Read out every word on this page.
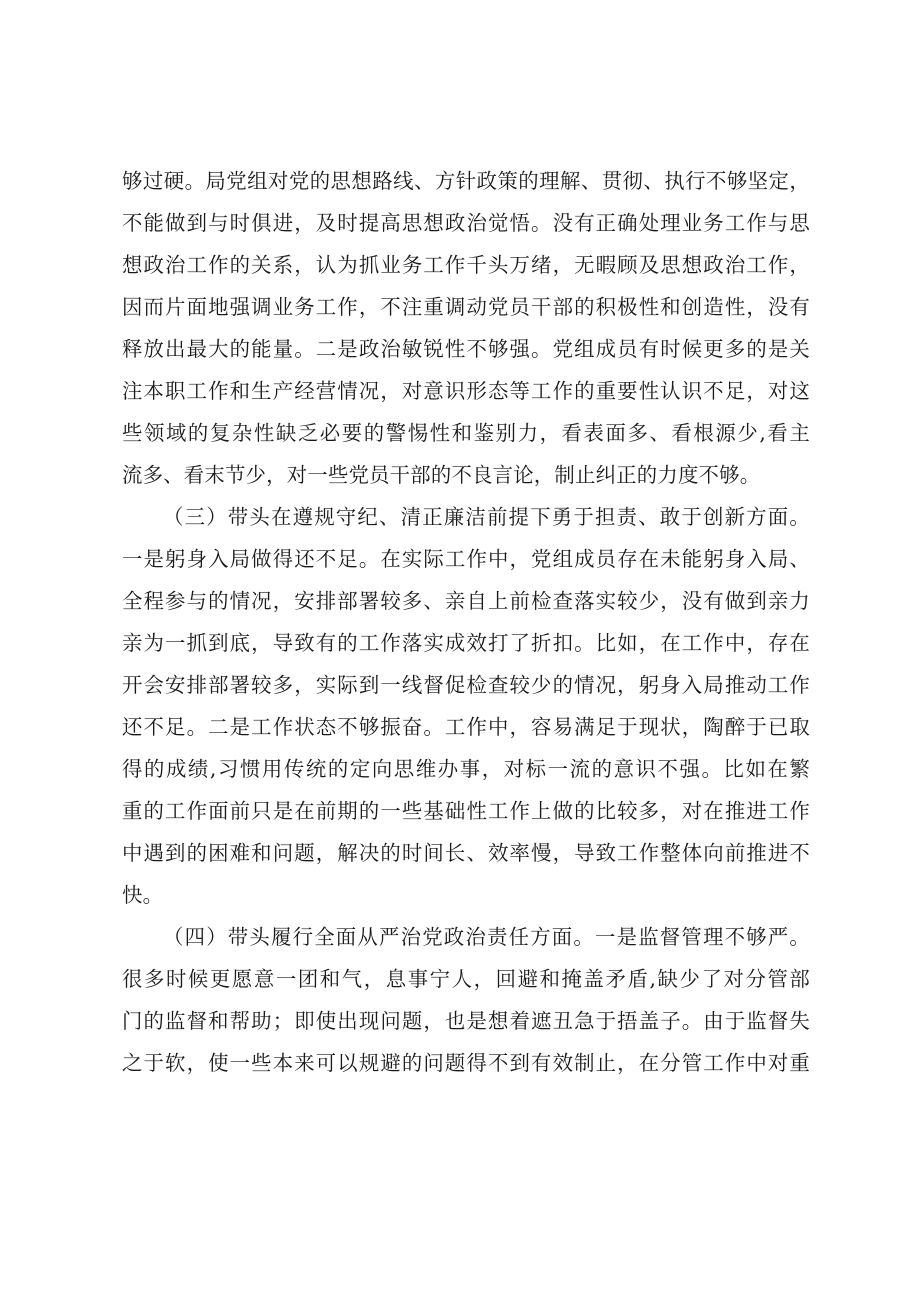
够过硬。局党组对党的思想路线、方针政策的理解、贯彻、执行不够坚定，
不能做到与时俱进，及时提高思想政治觉悟。没有正确处理业务工作与思
想政治工作的关系，认为抓业务工作千头万绪，无暇顾及思想政治工作，
因而片面地强调业务工作，不注重调动党员干部的积极性和创造性，没有
释放出最大的能量。二是政治敏锐性不够强。党组成员有时候更多的是关
注本职工作和生产经营情况，对意识形态等工作的重要性认识不足，对这
些领域的复杂性缺乏必要的警惕性和鉴别力，看表面多、看根源少,看主
流多、看末节少，对一些党员干部的不良言论，制止纠正的力度不够。
（三）带头在遵规守纪、清正廉洁前提下勇于担责、敢于创新方面。
一是躬身入局做得还不足。在实际工作中，党组成员存在未能躬身入局、
全程参与的情况，安排部署较多、亲自上前检查落实较少，没有做到亲力
亲为一抓到底，导致有的工作落实成效打了折扣。比如，在工作中，存在
开会安排部署较多，实际到一线督促检查较少的情况，躬身入局推动工作
还不足。二是工作状态不够振奋。工作中，容易满足于现状，陶醉于已取
得的成绩,习惯用传统的定向思维办事，对标一流的意识不强。比如在繁
重的工作面前只是在前期的一些基础性工作上做的比较多，对在推进工作
中遇到的困难和问题，解决的时间长、效率慢，导致工作整体向前推进不
快。
（四）带头履行全面从严治党政治责任方面。一是监督管理不够严。
很多时候更愿意一团和气，息事宁人，回避和掩盖矛盾,缺少了对分管部
门的监督和帮助；即使出现问题，也是想着遮丑急于捂盖子。由于监督失
之于软，使一些本来可以规避的问题得不到有效制止，在分管工作中对重
